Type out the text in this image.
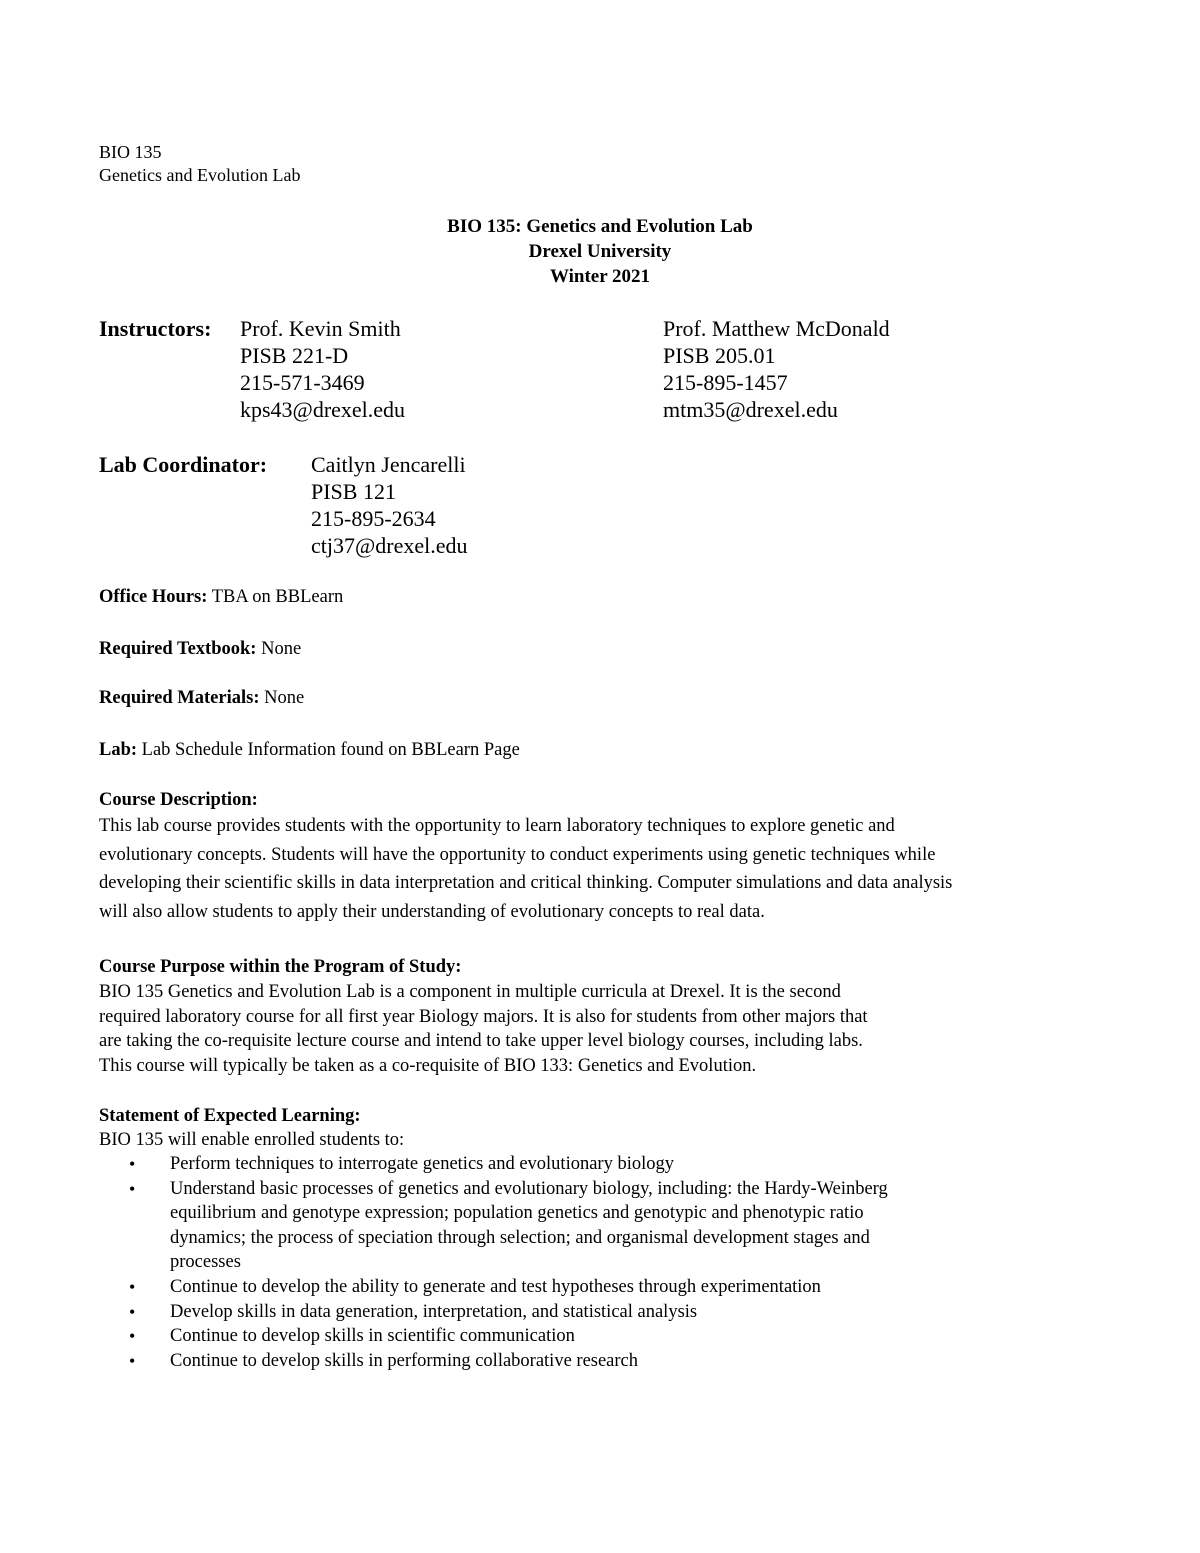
BIO 135
Genetics and Evolution Lab
BIO 135: Genetics and Evolution Lab
Drexel University
Winter 2021
Instructors: Prof. Kevin Smith
PISB 221-D
215-571-3469
kps43@drexel.edu
Prof. Matthew McDonald
PISB 205.01
215-895-1457
mtm35@drexel.edu
Lab Coordinator: Caitlyn Jencarelli
PISB 121
215-895-2634
ctj37@drexel.edu
Office Hours: TBA on BBLearn
Required Textbook: None
Required Materials: None
Lab: Lab Schedule Information found on BBLearn Page
Course Description:
This lab course provides students with the opportunity to learn laboratory techniques to explore genetic and
evolutionary concepts. Students will have the opportunity to conduct experiments using genetic techniques while
developing their scientific skills in data interpretation and critical thinking. Computer simulations and data analysis
will also allow students to apply their understanding of evolutionary concepts to real data.
Course Purpose within the Program of Study:
BIO 135 Genetics and Evolution Lab is a component in multiple curricula at Drexel. It is the second
required laboratory course for all first year Biology majors. It is also for students from other majors that
are taking the co-requisite lecture course and intend to take upper level biology courses, including labs.
This course will typically be taken as a co-requisite of BIO 133: Genetics and Evolution.
Statement of Expected Learning:
BIO 135 will enable enrolled students to:
• Perform techniques to interrogate genetics and evolutionary biology
• Understand basic processes of genetics and evolutionary biology, including: the Hardy-Weinberg
equilibrium and genotype expression; population genetics and genotypic and phenotypic ratio
dynamics; the process of speciation through selection; and organismal development stages and
processes
• Continue to develop the ability to generate and test hypotheses through experimentation
• Develop skills in data generation, interpretation, and statistical analysis
• Continue to develop skills in scientific communication
• Continue to develop skills in performing collaborative research
